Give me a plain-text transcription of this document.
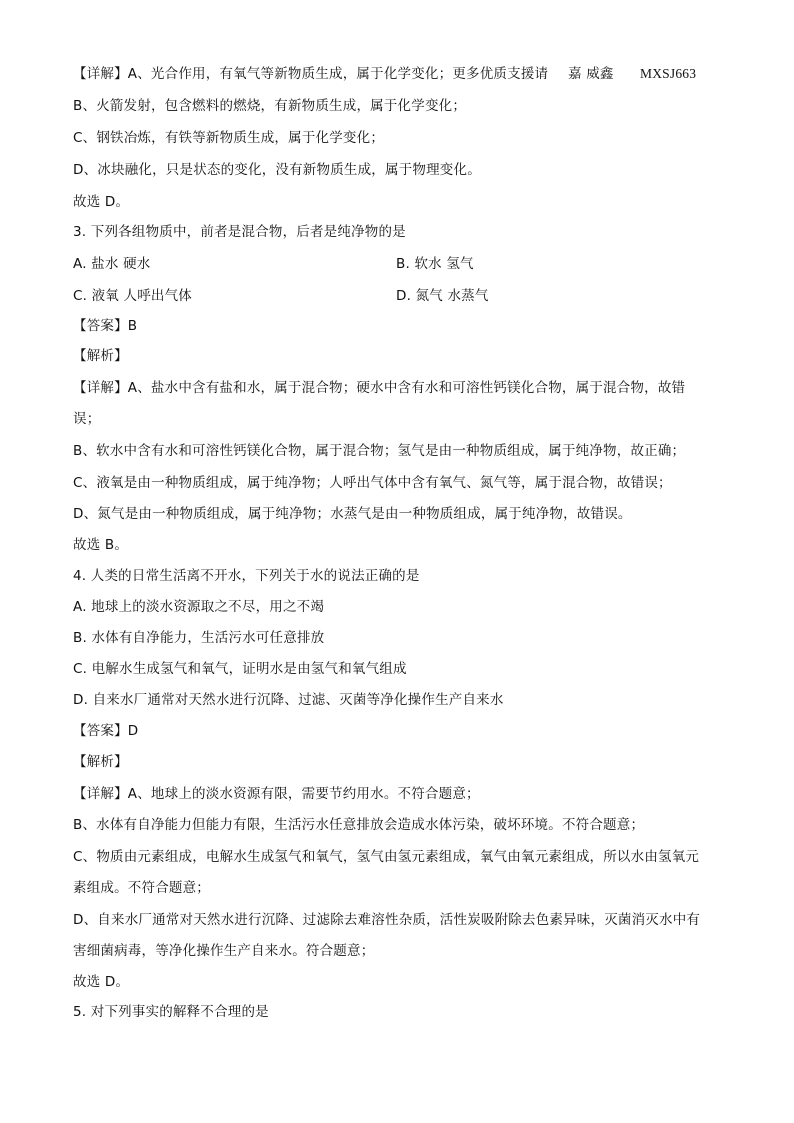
【详解】A、光合作用，有氧气等新物质生成，属于化学变化；更多优质支援请 嘉 威鑫 MXSJ663
B、火箭发射，包含燃料的燃烧，有新物质生成，属于化学变化；
C、钢铁冶炼，有铁等新物质生成，属于化学变化；
D、冰块融化，只是状态的变化，没有新物质生成，属于物理变化。
故选 D。
3. 下列各组物质中，前者是混合物，后者是纯净物的是
A. 盐水 硬水	B. 软水 氢气
C. 液氧 人呼出气体	D. 氮气 水蒸气
【答案】B
【解析】
【详解】A、盐水中含有盐和水，属于混合物；硬水中含有水和可溶性钙镁化合物，属于混合物，故错
误；
B、软水中含有水和可溶性钙镁化合物，属于混合物；氢气是由一种物质组成，属于纯净物，故正确；
C、液氧是由一种物质组成，属于纯净物；人呼出气体中含有氧气、氮气等，属于混合物，故错误；
D、氮气是由一种物质组成，属于纯净物；水蒸气是由一种物质组成，属于纯净物，故错误。
故选 B。
4. 人类的日常生活离不开水，下列关于水的说法正确的是
A. 地球上的淡水资源取之不尽，用之不竭
B. 水体有自净能力，生活污水可任意排放
C. 电解水生成氢气和氧气，证明水是由氢气和氧气组成
D. 自来水厂通常对天然水进行沉降、过滤、灭菌等净化操作生产自来水
【答案】D
【解析】
【详解】A、地球上的淡水资源有限，需要节约用水。不符合题意；
B、水体有自净能力但能力有限，生活污水任意排放会造成水体污染，破坏环境。不符合题意；
C、物质由元素组成，电解水生成氢气和氧气，氢气由氢元素组成，氧气由氧元素组成，所以水由氢氧元
素组成。不符合题意；
D、自来水厂通常对天然水进行沉降、过滤除去难溶性杂质，活性炭吸附除去色素异味，灭菌消灭水中有
害细菌病毒，等净化操作生产自来水。符合题意；
故选 D。
5. 对下列事实的解释不合理的是
